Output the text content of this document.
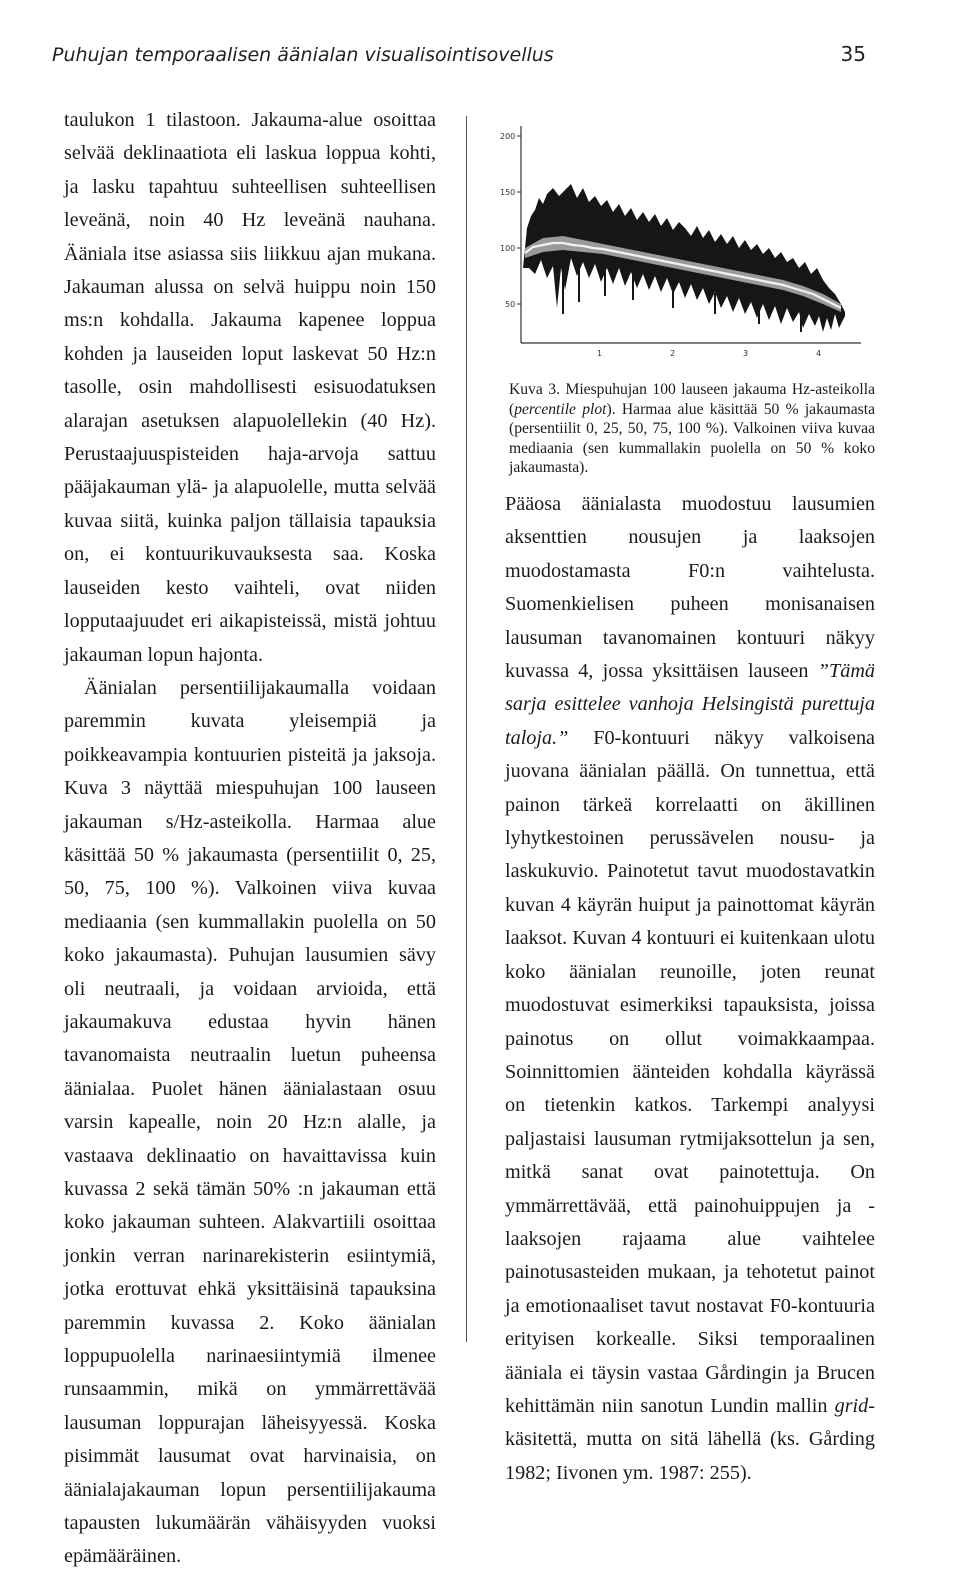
Puhujan temporaalisen äänialan visualisointisovellus	35

taulukon 1 tilastoon. Jakauma-alue osoittaa selvää deklinaatiota eli laskua loppua kohti, ja lasku tapahtuu suhteellisen suhteellisen leveänä, noin 40 Hz leveänä nauhana. Ääniala itse asiassa siis liikkuu ajan mukana. Jakauman alussa on selvä huippu noin 150 ms:n kohdalla. Jakauma kapenee loppua kohden ja lauseiden loput laskevat 50 Hz:n tasolle, osin mahdollisesti esisuodatuksen alarajan asetuksen alapuolellekin (40 Hz). Perustaajuuspisteiden haja-arvoja sattuu pääjakauman ylä- ja alapuolelle, mutta selvää kuvaa siitä, kuinka paljon tällaisia tapauksia on, ei kontuurikuvauksesta saa. Koska lauseiden kesto vaihteli, ovat niiden lopputaajuudet eri aikapisteissä, mistä johtuu jakauman lopun hajonta.

Äänialan persentiilijakaumalla voidaan paremmin kuvata yleisempiä ja poikkeavampia kontuurien pisteitä ja jaksoja. Kuva 3 näyttää miespuhujan 100 lauseen jakauman s/Hz-asteikolla. Harmaa alue käsittää 50 % jakaumasta (persentiilit 0, 25, 50, 75, 100 %). Valkoinen viiva kuvaa mediaania (sen kummallakin puolella on 50 koko jakaumasta). Puhujan lausumien sävy oli neutraali, ja voidaan arvioida, että jakaumakuva edustaa hyvin hänen tavanomaista neutraalin luetun puheensa äänialaa. Puolet hänen äänialastaan osuu varsin kapealle, noin 20 Hz:n alalle, ja vastaava deklinaatio on havaittavissa kuin kuvassa 2 sekä tämän 50% :n jakauman että koko jakauman suhteen. Alakvartiili osoittaa jonkin verran narinarekisterin esiintymiä, jotka erottuvat ehkä yksittäisinä tapauksina paremmin kuvassa 2. Koko äänialan loppupuolella narinaesiintymiä ilmenee runsaammin, mikä on ymmärrettävää lausuman loppurajan läheisyyessä. Koska pisimmät lausumat ovat harvinaisia, on äänialajakauman lopun persentiilijakauma tapausten lukumäärän vähäisyyden vuoksi epämääräinen.

200
150
100
50
1	2	3	4
Kuva 3. Miespuhujan 100 lauseen jakauma Hz-asteikolla (percentile plot). Harmaa alue käsittää 50 % jakaumasta (persentiilit 0, 25, 50, 75, 100 %). Valkoinen viiva kuvaa mediaania (sen kummallakin puolella on 50 % koko jakaumasta).

Pääosa äänialasta muodostuu lausumien aksenttien nousujen ja laaksojen muodostamasta F0:n vaihtelusta. Suomenkielisen puheen monisanaisen lausuman tavanomainen kontuuri näkyy kuvassa 4, jossa yksittäisen lauseen ”Tämä sarja esittelee vanhoja Helsingistä purettuja taloja.” F0-kontuuri näkyy valkoisena juovana äänialan päällä. On tunnettua, että painon tärkeä korrelaatti on äkillinen lyhytkestoinen perussävelen nousu- ja laskukuvio. Painotetut tavut muodostavatkin kuvan 4 käyrän huiput ja painottomat käyrän laaksot. Kuvan 4 kontuuri ei kuitenkaan ulotu koko äänialan reunoille, joten reunat muodostuvat esimerkiksi tapauksista, joissa painotus on ollut voimakkaampaa. Soinnittomien äänteiden kohdalla käyrässä on tietenkin katkos. Tarkempi analyysi paljastaisi lausuman rytmijaksottelun ja sen, mitkä sanat ovat painotettuja. On ymmärrettävää, että painohuippujen ja -laaksojen rajaama alue vaihtelee painotusasteiden mukaan, ja tehotetut painot ja emotionaaliset tavut nostavat F0-kontuuria erityisen korkealle. Siksi temporaalinen ääniala ei täysin vastaa Gårdingin ja Brucen kehittämän niin sanotun Lundin mallin grid-käsitettä, mutta on sitä lähellä (ks. Gårding 1982; Iivonen ym. 1987: 255).
